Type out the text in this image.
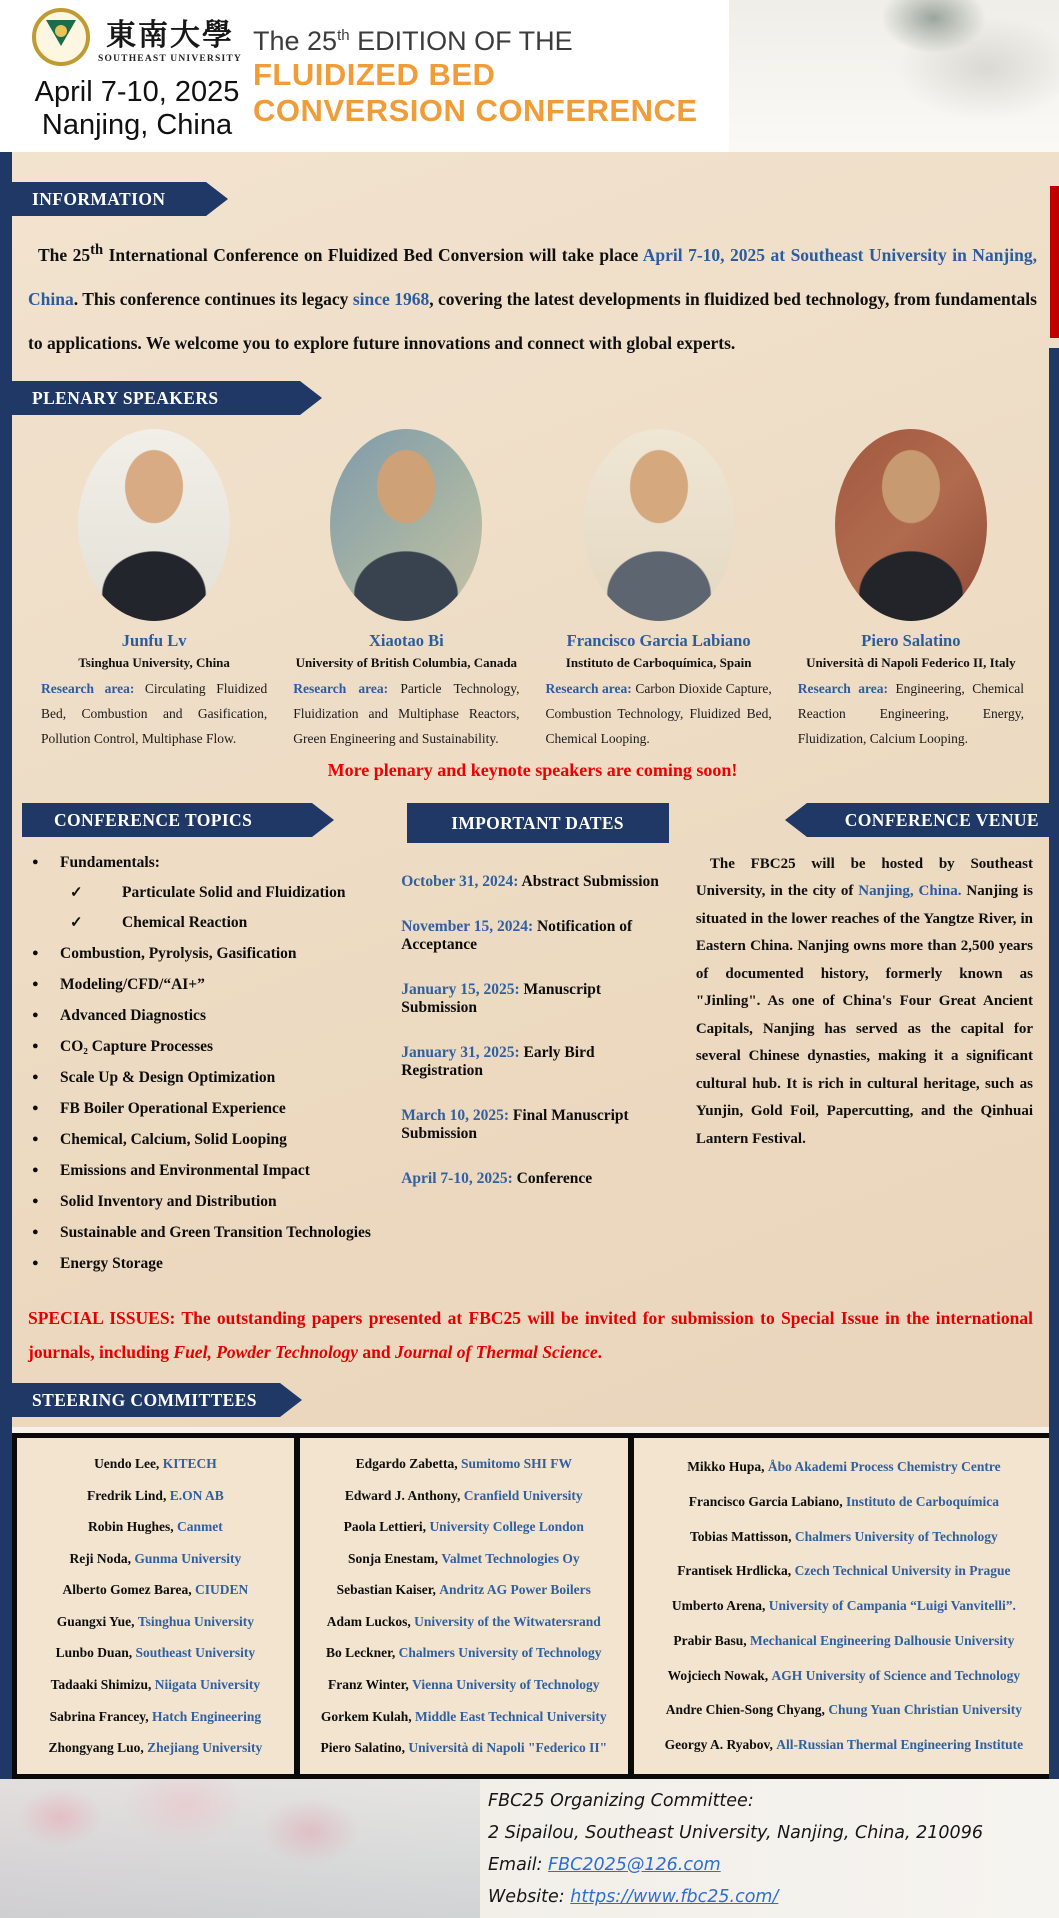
東南大學
SOUTHEAST UNIVERSITY
April 7-10, 2025
Nanjing, China
The 25th EDITION OF THE
FLUIDIZED BED
CONVERSION CONFERENCE
INFORMATION

The 25th International Conference on Fluidized Bed Conversion will take place April 7-10, 2025 at Southeast University in Nanjing, China. This conference continues its legacy since 1968, covering the latest developments in fluidized bed technology, from fundamentals to applications. We welcome you to explore future innovations and connect with global experts.

PLENARY SPEAKERS
Junfu Lv
Tsinghua University, China

Research area: Circulating Fluidized Bed, Combustion and Gasification, Pollution Control, Multiphase Flow.

Xiaotao Bi
University of British Columbia, Canada

Research area: Particle Technology, Fluidization and Multiphase Reactors, Green Engineering and Sustainability.

Francisco Garcia Labiano
Instituto de Carboquímica, Spain

Research area: Carbon Dioxide Capture, Combustion Technology, Fluidized Bed, Chemical Looping.

Piero Salatino
Università di Napoli Federico II, Italy

Research area: Engineering, Chemical Reaction Engineering, Energy, Fluidization, Calcium Looping.

More plenary and keynote speakers are coming soon!
CONFERENCE TOPICS
●Fundamentals:
✓Particulate Solid and Fluidization
✓Chemical Reaction
●Combustion, Pyrolysis, Gasification
●Modeling/CFD/“AI+”
●Advanced Diagnostics
●CO₂ Capture Processes
●Scale Up & Design Optimization
●FB Boiler Operational Experience
●Chemical, Calcium, Solid Looping
●Emissions and Environmental Impact
●Solid Inventory and Distribution
●Sustainable and Green Transition Technologies
●Energy Storage
IMPORTANT DATES
October 31, 2024: Abstract Submission
November 15, 2024: Notification of Acceptance
January 15, 2025: Manuscript Submission
January 31, 2025: Early Bird Registration
March 10, 2025: Final Manuscript Submission
April 7-10, 2025: Conference
CONFERENCE VENUE

The FBC25 will be hosted by Southeast University, in the city of Nanjing, China. Nanjing is situated in the lower reaches of the Yangtze River, in Eastern China. Nanjing owns more than 2,500 years of documented history, formerly known as "Jinling". As one of China's Four Great Ancient Capitals, Nanjing has served as the capital for several Chinese dynasties, making it a significant cultural hub. It is rich in cultural heritage, such as Yunjin, Gold Foil, Papercutting, and the Qinhuai Lantern Festival.

SPECIAL ISSUES: The outstanding papers presented at FBC25 will be invited for submission to Special Issue in the international journals, including Fuel, Powder Technology and Journal of Thermal Science.

STEERING COMMITTEES
Uendo Lee, KITECH
Fredrik Lind, E.ON AB
Robin Hughes, Canmet
Reji Noda, Gunma University
Alberto Gomez Barea, CIUDEN
Guangxi Yue, Tsinghua University
Lunbo Duan, Southeast University
Tadaaki Shimizu, Niigata University
Sabrina Francey, Hatch Engineering
Zhongyang Luo, Zhejiang University
Edgardo Zabetta, Sumitomo SHI FW
Edward J. Anthony, Cranfield University
Paola Lettieri, University College London
Sonja Enestam, Valmet Technologies Oy
Sebastian Kaiser, Andritz AG Power Boilers
Adam Luckos, University of the Witwatersrand
Bo Leckner, Chalmers University of Technology
Franz Winter, Vienna University of Technology
Gorkem Kulah, Middle East Technical University
Piero Salatino, Università di Napoli "Federico II"
Mikko Hupa, Åbo Akademi Process Chemistry Centre
Francisco Garcia Labiano, Instituto de Carboquímica
Tobias Mattisson, Chalmers University of Technology
Frantisek Hrdlicka, Czech Technical University in Prague
Umberto Arena, University of Campania “Luigi Vanvitelli”.
Prabir Basu, Mechanical Engineering Dalhousie University
Wojciech Nowak, AGH University of Science and Technology
Andre Chien-Song Chyang, Chung Yuan Christian University
Georgy A. Ryabov, All-Russian Thermal Engineering Institute
FBC25 Organizing Committee:
2 Sipailou, Southeast University, Nanjing, China, 210096
Email: FBC2025@126.com
Website: https://www.fbc25.com/
